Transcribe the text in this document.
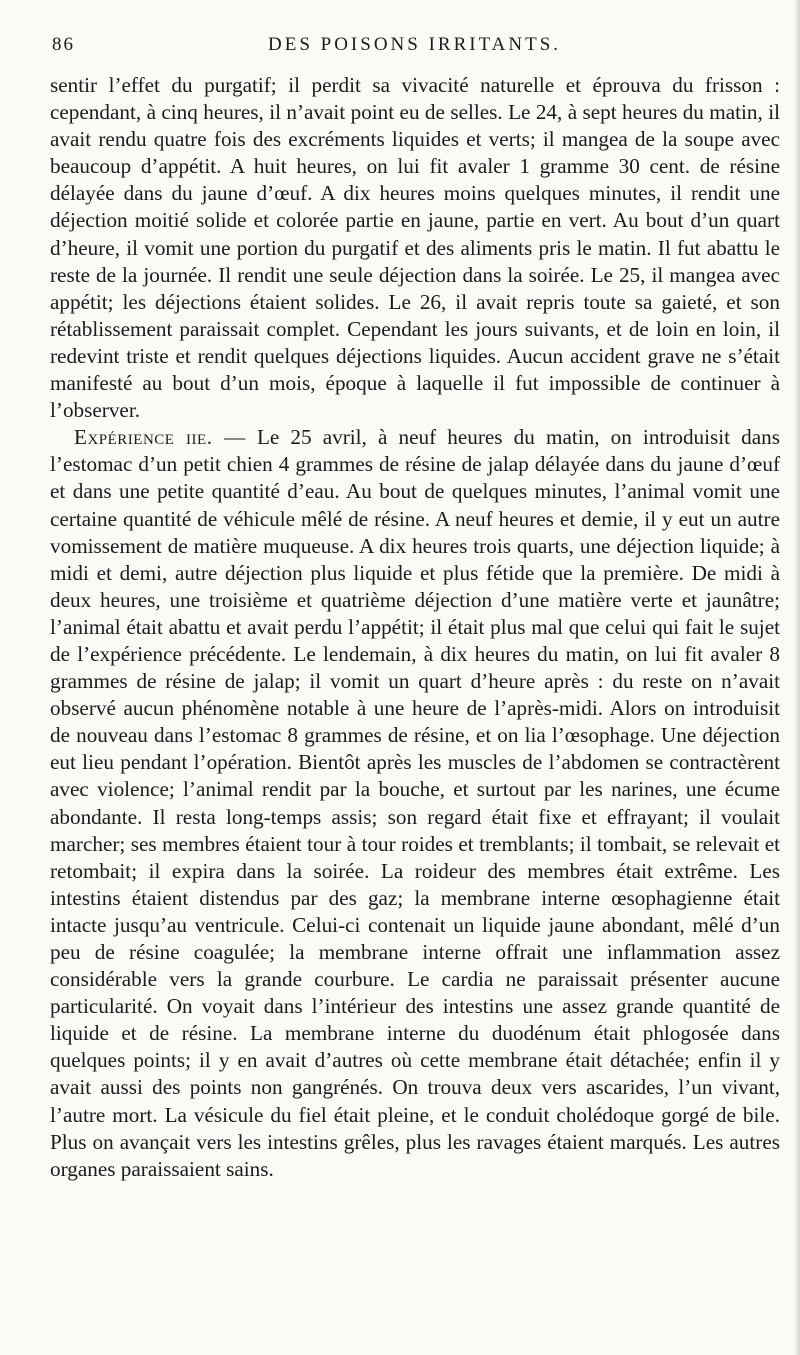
86	DES POISONS IRRITANTS.

sentir l’effet du purgatif; il perdit sa vivacité naturelle et éprouva du frisson : cependant, à cinq heures, il n’avait point eu de selles. Le 24, à sept heures du matin, il avait rendu quatre fois des excréments liquides et verts; il mangea de la soupe avec beaucoup d’appétit. A huit heures, on lui fit avaler 1 gramme 30 cent. de résine délayée dans du jaune d’œuf. A dix heures moins quelques minutes, il rendit une déjection moitié solide et colorée partie en jaune, partie en vert. Au bout d’un quart d’heure, il vomit une portion du purgatif et des aliments pris le matin. Il fut abattu le reste de la journée. Il rendit une seule déjection dans la soirée. Le 25, il mangea avec appétit; les déjections étaient solides. Le 26, il avait repris toute sa gaieté, et son rétablissement paraissait complet. Cependant les jours suivants, et de loin en loin, il redevint triste et rendit quelques déjections liquides. Aucun accident grave ne s’était manifesté au bout d’un mois, époque à laquelle il fut impossible de continuer à l’observer.

Expérience iie. — Le 25 avril, à neuf heures du matin, on introduisit dans l’estomac d’un petit chien 4 grammes de résine de jalap délayée dans du jaune d’œuf et dans une petite quantité d’eau. Au bout de quelques minutes, l’animal vomit une certaine quantité de véhicule mêlé de résine. A neuf heures et demie, il y eut un autre vomissement de matière muqueuse. A dix heures trois quarts, une déjection liquide; à midi et demi, autre déjection plus liquide et plus fétide que la première. De midi à deux heures, une troisième et quatrième déjection d’une matière verte et jaunâtre; l’animal était abattu et avait perdu l’appétit; il était plus mal que celui qui fait le sujet de l’expérience précédente. Le lendemain, à dix heures du matin, on lui fit avaler 8 grammes de résine de jalap; il vomit un quart d’heure après : du reste on n’avait observé aucun phénomène notable à une heure de l’après-midi. Alors on introduisit de nouveau dans l’estomac 8 grammes de résine, et on lia l’œsophage. Une déjection eut lieu pendant l’opération. Bientôt après les muscles de l’abdomen se contractèrent avec violence; l’animal rendit par la bouche, et surtout par les narines, une écume abondante. Il resta long-temps assis; son regard était fixe et effrayant; il voulait marcher; ses membres étaient tour à tour roides et tremblants; il tombait, se relevait et retombait; il expira dans la soirée. La roideur des membres était extrême. Les intestins étaient distendus par des gaz; la membrane interne œsophagienne était intacte jusqu’au ventricule. Celui-ci contenait un liquide jaune abondant, mêlé d’un peu de résine coagulée; la membrane interne offrait une inflammation assez considérable vers la grande courbure. Le cardia ne paraissait présenter aucune particularité. On voyait dans l’intérieur des intestins une assez grande quantité de liquide et de résine. La membrane interne du duodénum était phlogosée dans quelques points; il y en avait d’autres où cette membrane était détachée; enfin il y avait aussi des points non gangrénés. On trouva deux vers ascarides, l’un vivant, l’autre mort. La vésicule du fiel était pleine, et le conduit cholédoque gorgé de bile. Plus on avançait vers les intestins grêles, plus les ravages étaient marqués. Les autres organes paraissaient sains.
